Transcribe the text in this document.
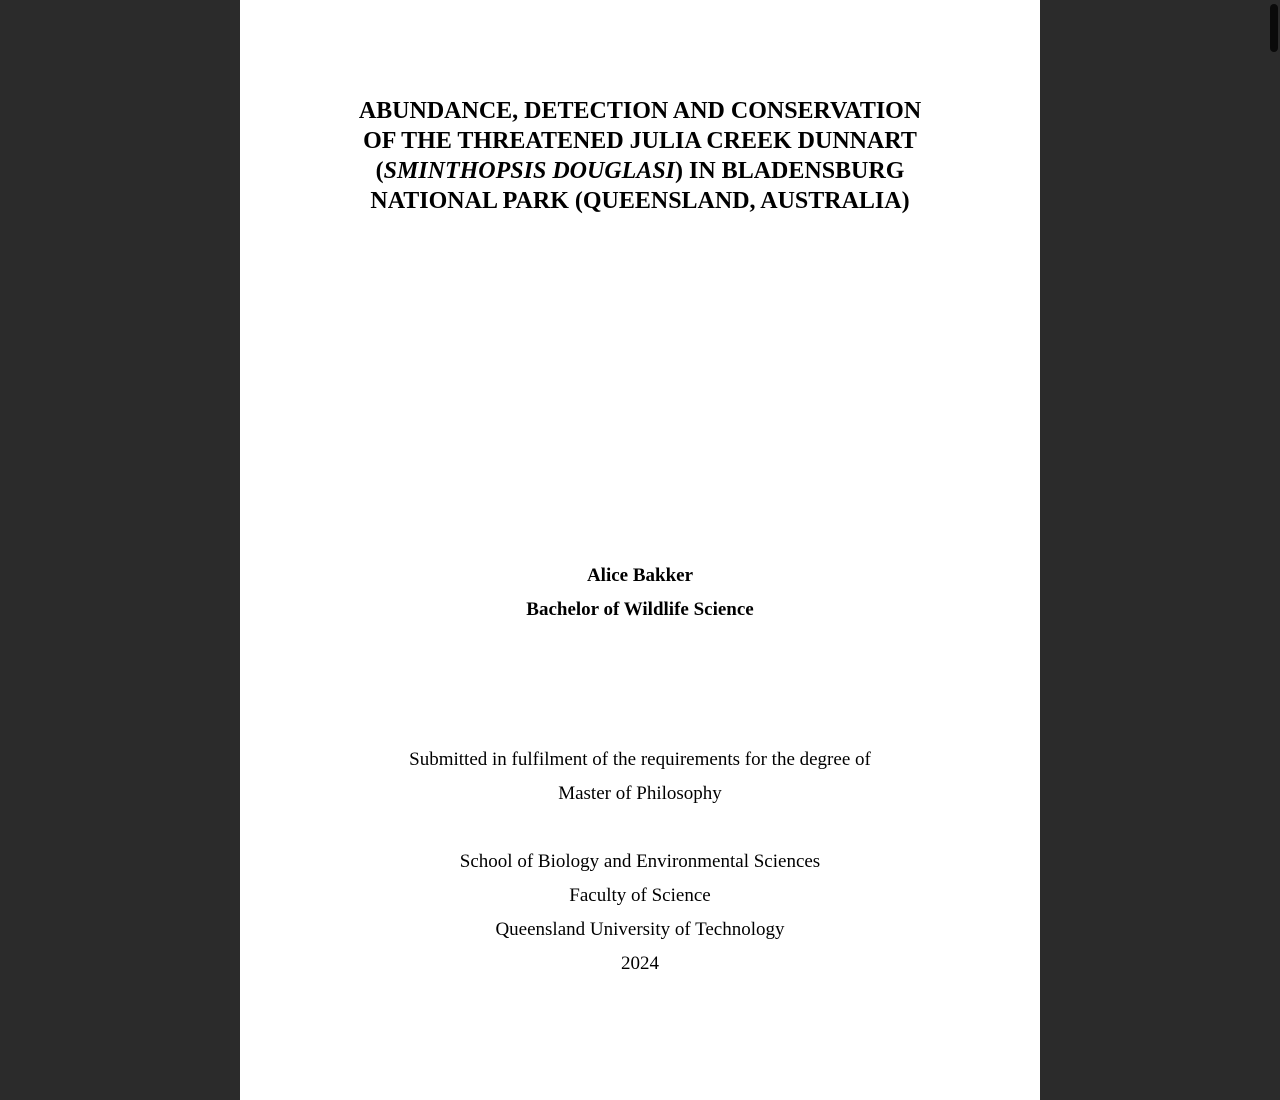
ABUNDANCE, DETECTION AND CONSERVATION
OF THE THREATENED JULIA CREEK DUNNART
(SMINTHOPSIS DOUGLASI) IN BLADENSBURG
NATIONAL PARK (QUEENSLAND, AUSTRALIA)
Alice Bakker
Bachelor of Wildlife Science
Submitted in fulfilment of the requirements for the degree of
Master of Philosophy
School of Biology and Environmental Sciences
Faculty of Science
Queensland University of Technology
2024
